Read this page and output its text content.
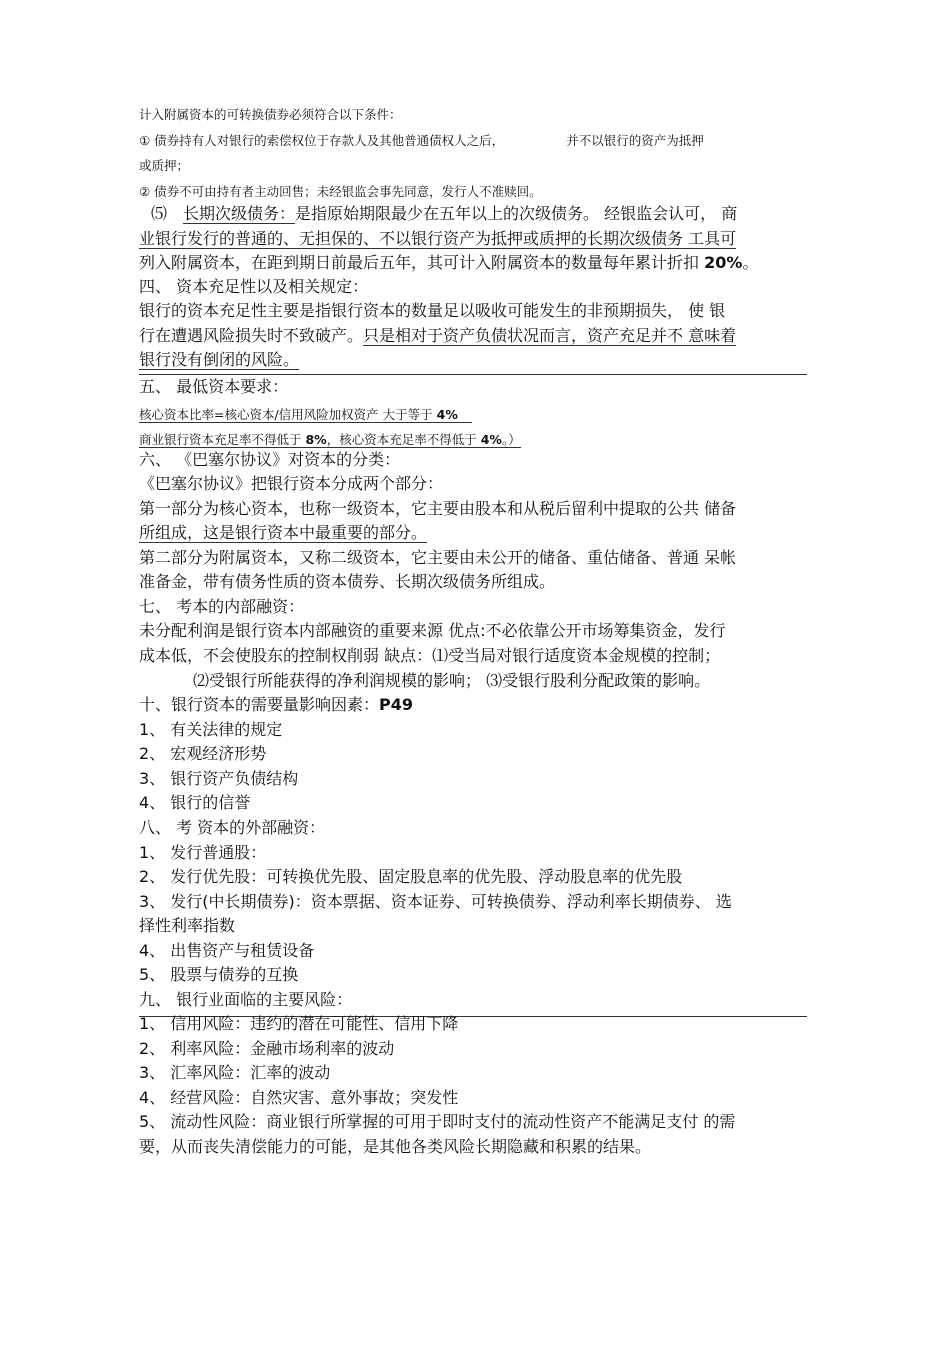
计入附属资本的可转换债券必须符合以下条件：
① 债券持有人对银行的索偿权位于存款人及其他普通债权人之后，	并不以银行的资产为抵押
或质押；
② 债券不可由持有者主动回售；未经银监会事先同意，发行人不准赎回。
⑸ 长期次级债务：是指原始期限最少在五年以上的次级债务。 经银监会认可， 商
业银行发行的普通的、无担保的、不以银行资产为抵押或质押的长期次级债务 工具可
列入附属资本，在距到期日前最后五年，其可计入附属资本的数量每年累计折扣 20%。
四、 资本充足性以及相关规定：
银行的资本充足性主要是指银行资本的数量足以吸收可能发生的非预期损失， 使 银
行在遭遇风险损失时不致破产。只是相对于资产负债状况而言，资产充足并不 意味着
银行没有倒闭的风险。
五、 最低资本要求：
核心资本比率=核心资本/信用风险加权资产 大于等于 4%
商业银行资本充足率不得低于 8%，核心资本充足率不得低于 4%。）
六、 《巴塞尔协议》对资本的分类：
《巴塞尔协议》把银行资本分成两个部分：
第一部分为核心资本，也称一级资本，它主要由股本和从税后留利中提取的公共 储备
所组成，这是银行资本中最重要的部分。
第二部分为附属资本，又称二级资本，它主要由未公开的储备、重估储备、普通 呆帐
准备金，带有债务性质的资本债券、长期次级债务所组成。
七、 考本的内部融资：
未分配利润是银行资本内部融资的重要来源 优点:不必依靠公开市场筹集资金，发行
成本低，不会使股东的控制权削弱 缺点：⑴受当局对银行适度资本金规模的控制；
⑵受银行所能获得的净利润规模的影响； ⑶受银行股利分配政策的影响。
十、银行资本的需要量影响因素：P49
1、 有关法律的规定
2、 宏观经济形势
3、 银行资产负债结构
4、 银行的信誉
八、 考 资本的外部融资：
1、 发行普通股：
2、 发行优先股：可转换优先股、固定股息率的优先股、浮动股息率的优先股
3、 发行(中长期债券)：资本票据、资本证券、可转换债券、浮动利率长期债券、 选
择性利率指数
4、 出售资产与租赁设备
5、 股票与债券的互换
九、 银行业面临的主要风险：
1、 信用风险：违约的潜在可能性、信用下降
2、 利率风险：金融市场利率的波动
3、 汇率风险：汇率的波动
4、 经营风险：自然灾害、意外事故；突发性
5、 流动性风险：商业银行所掌握的可用于即时支付的流动性资产不能满足支付 的需
要，从而丧失清偿能力的可能，是其他各类风险长期隐藏和积累的结果。
